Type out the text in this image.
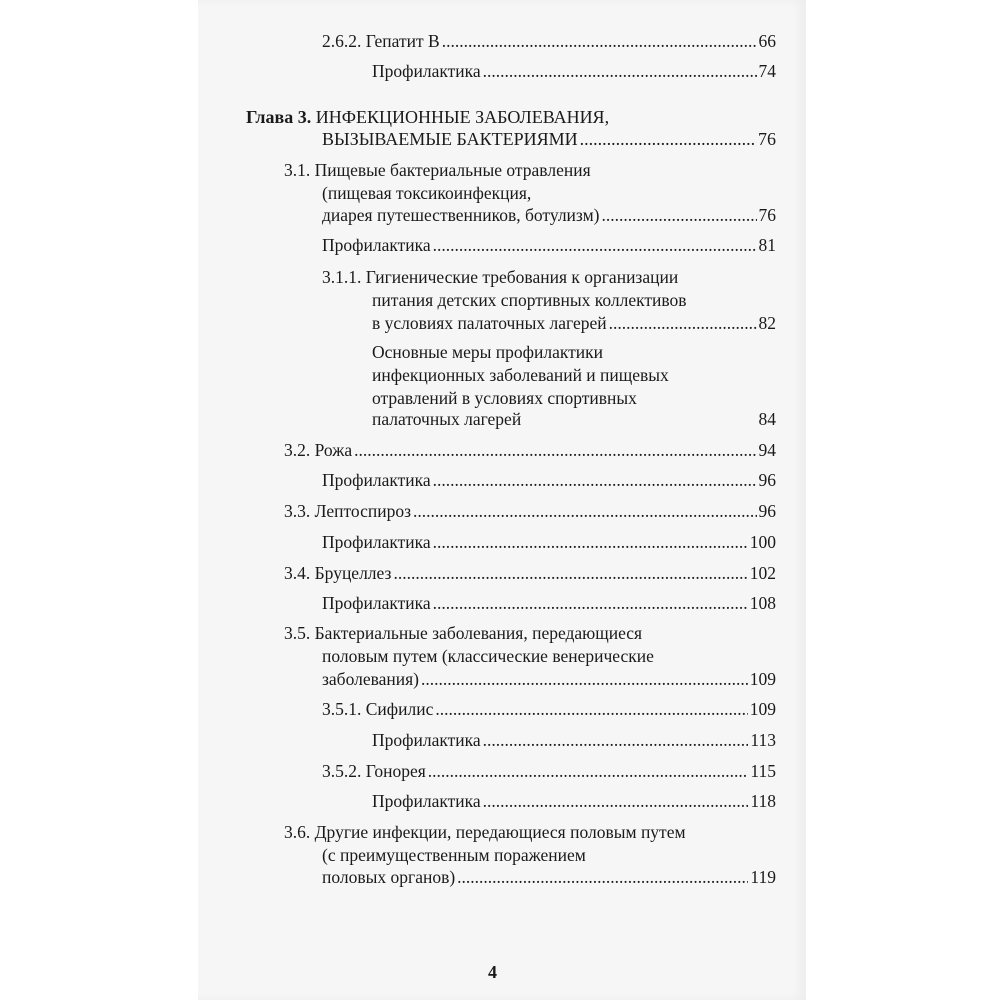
2.6.2. Гепатит В .....	66
Профилактика .....	74
Глава 3. ИНФЕКЦИОННЫЕ ЗАБОЛЕВАНИЯ,
ВЫЗЫВАЕМЫЕ БАКТЕРИЯМИ .....	76
3.1. Пищевые бактериальные отравления
(пищевая токсикоинфекция,
диарея путешественников, ботулизм) .....	76
Профилактика .....	81
3.1.1. Гигиенические требования к организации
питания детских спортивных коллективов
в условиях палаточных лагерей .....	82
Основные меры профилактики
инфекционных заболеваний и пищевых
отравлений в условиях спортивных
палаточных лагерей	84
3.2. Рожа .....	94
Профилактика .....	96
3.3. Лептоспироз .....	96
Профилактика .....	100
3.4. Бруцеллез .....	102
Профилактика .....	108
3.5. Бактериальные заболевания, передающиеся
половым путем (классические венерические
заболевания) .....	109
3.5.1. Сифилис .....	109
Профилактика .....	113
3.5.2. Гонорея .....	115
Профилактика .....	118
3.6. Другие инфекции, передающиеся половым путем
(с преимущественным поражением
половых органов) .....	119
4
